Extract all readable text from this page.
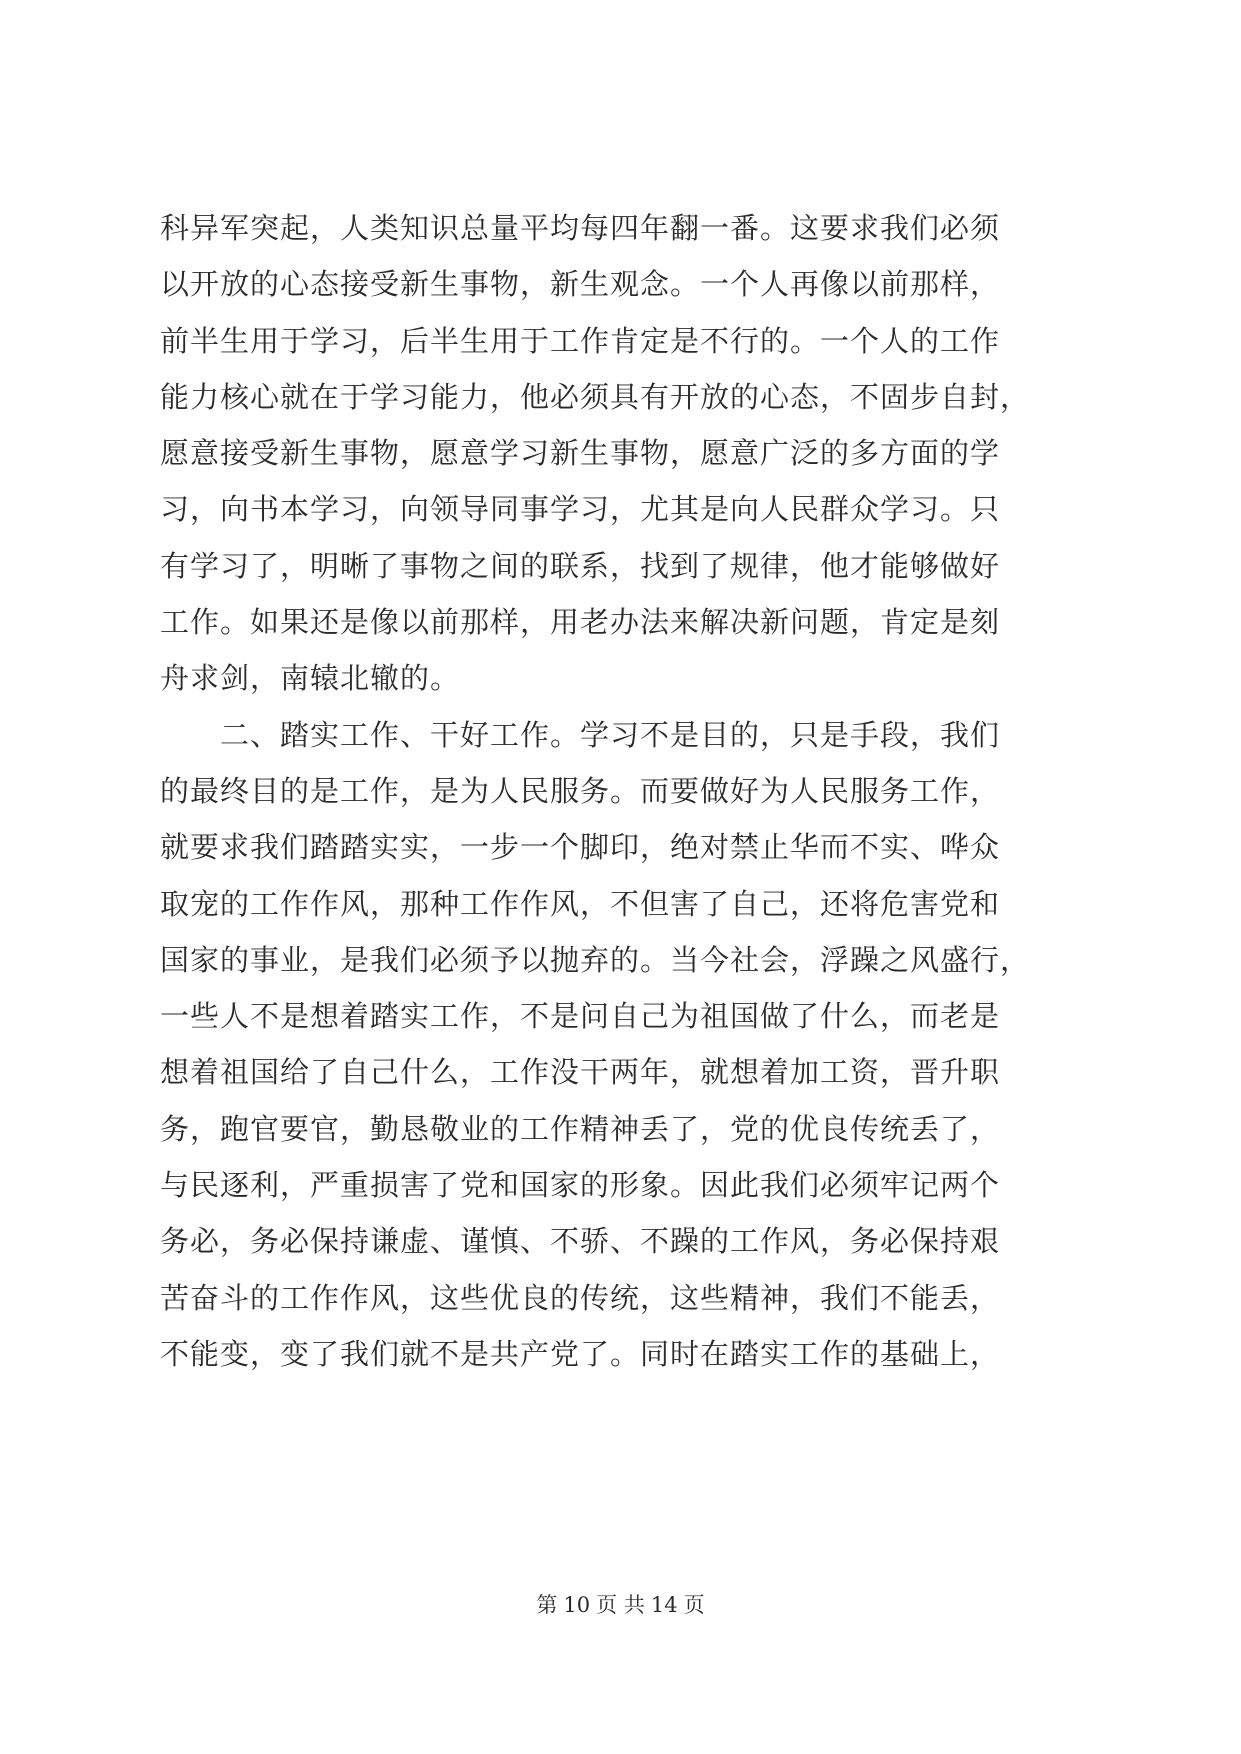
科异军突起，人类知识总量平均每四年翻一番。这要求我们必须
以开放的心态接受新生事物，新生观念。一个人再像以前那样，
前半生用于学习，后半生用于工作肯定是不行的。一个人的工作
能力核心就在于学习能力，他必须具有开放的心态，不固步自封，
愿意接受新生事物，愿意学习新生事物，愿意广泛的多方面的学
习，向书本学习，向领导同事学习，尤其是向人民群众学习。只
有学习了，明晰了事物之间的联系，找到了规律，他才能够做好
工作。如果还是像以前那样，用老办法来解决新问题，肯定是刻
舟求剑，南辕北辙的。
二、踏实工作、干好工作。学习不是目的，只是手段，我们
的最终目的是工作，是为人民服务。而要做好为人民服务工作，
就要求我们踏踏实实，一步一个脚印，绝对禁止华而不实、哗众
取宠的工作作风，那种工作作风，不但害了自己，还将危害党和
国家的事业，是我们必须予以抛弃的。当今社会，浮躁之风盛行，
一些人不是想着踏实工作，不是问自己为祖国做了什么，而老是
想着祖国给了自己什么，工作没干两年，就想着加工资，晋升职
务，跑官要官，勤恳敬业的工作精神丢了，党的优良传统丢了，
与民逐利，严重损害了党和国家的形象。因此我们必须牢记两个
务必，务必保持谦虚、谨慎、不骄、不躁的工作风，务必保持艰
苦奋斗的工作作风，这些优良的传统，这些精神，我们不能丢，
不能变，变了我们就不是共产党了。同时在踏实工作的基础上，
第 10 页 共 14 页
